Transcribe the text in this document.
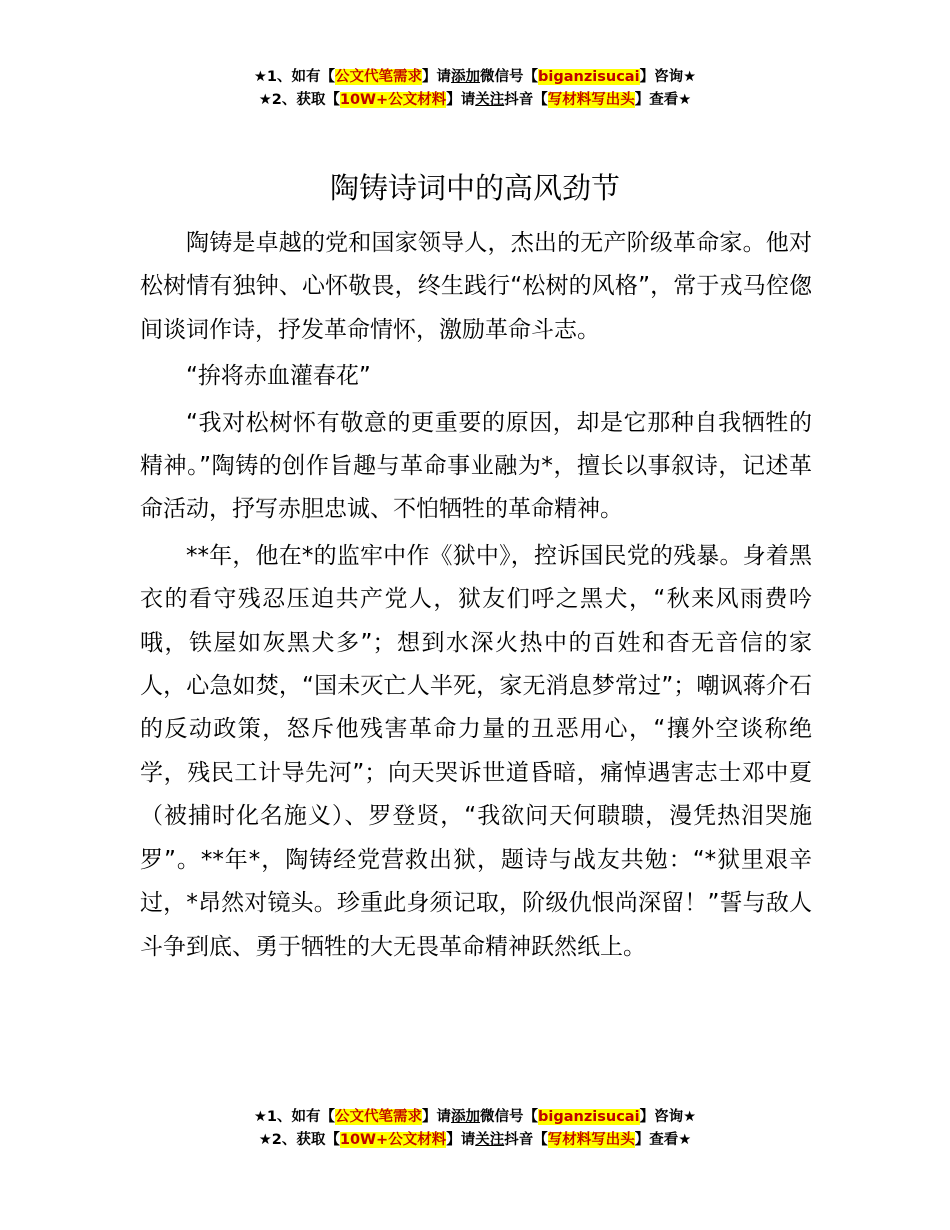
★1、如有【公文代笔需求】请添加微信号【biganzisucai】咨询★
★2、获取【10W+公文材料】请关注抖音【写材料写出头】查看★
陶铸诗词中的高风劲节

陶铸是卓越的党和国家领导人，杰出的无产阶级革命家。他对松树情有独钟、心怀敬畏，终生践行“松树的风格”，常于戎马倥偬间谈词作诗，抒发革命情怀，激励革命斗志。

“拚将赤血灌春花”

“我对松树怀有敬意的更重要的原因，却是它那种自我牺牲的精神。”陶铸的创作旨趣与革命事业融为*，擅长以事叙诗，记述革命活动，抒写赤胆忠诚、不怕牺牲的革命精神。

**年，他在*的监牢中作《狱中》，控诉国民党的残暴。身着黑衣的看守残忍压迫共产党人，狱友们呼之黑犬，“秋来风雨费吟哦，铁屋如灰黑犬多”；想到水深火热中的百姓和杳无音信的家人，心急如焚，“国未灭亡人半死，家无消息梦常过”；嘲讽蒋介石的反动政策，怒斥他残害革命力量的丑恶用心，“攘外空谈称绝学，残民工计导先河”；向天哭诉世道昏暗，痛悼遇害志士邓中夏（被捕时化名施义）、罗登贤，“我欲问天何聩聩，漫凭热泪哭施罗”。**年*，陶铸经党营救出狱，题诗与战友共勉：“*狱里艰辛过，*昂然对镜头。珍重此身须记取，阶级仇恨尚深留！”誓与敌人斗争到底、勇于牺牲的大无畏革命精神跃然纸上。

★1、如有【公文代笔需求】请添加微信号【biganzisucai】咨询★
★2、获取【10W+公文材料】请关注抖音【写材料写出头】查看★
